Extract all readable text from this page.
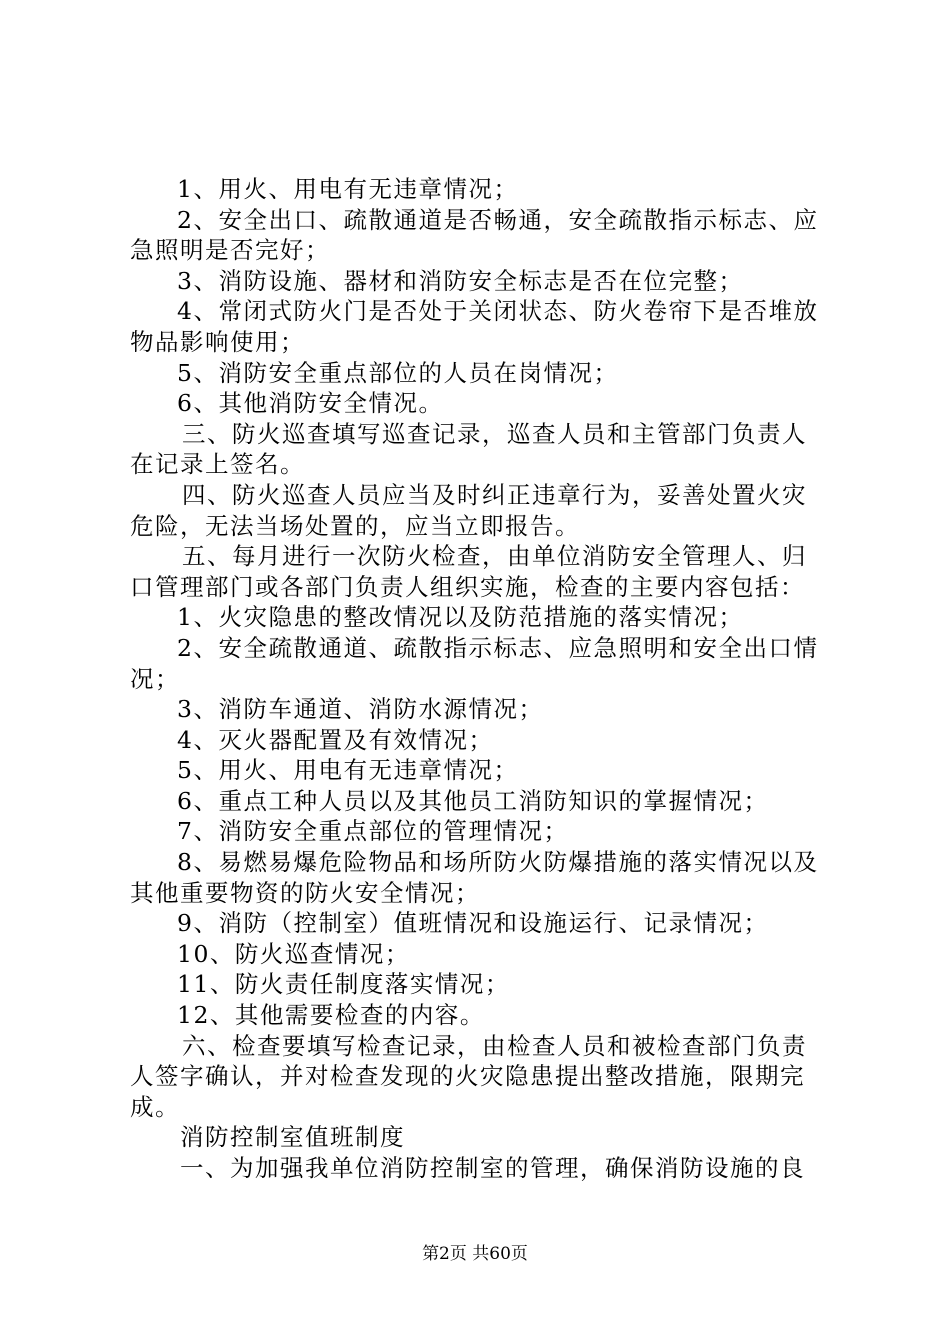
1、用火、用电有无违章情况；
2、安全出口、疏散通道是否畅通，安全疏散指示标志、应
急照明是否完好；
3、消防设施、器材和消防安全标志是否在位完整；
4、常闭式防火门是否处于关闭状态、防火卷帘下是否堆放
物品影响使用；
5、消防安全重点部位的人员在岗情况；
6、其他消防安全情况。
三、防火巡查填写巡查记录，巡查人员和主管部门负责人
在记录上签名。
四、防火巡查人员应当及时纠正违章行为，妥善处置火灾
危险，无法当场处置的，应当立即报告。
五、每月进行一次防火检查，由单位消防安全管理人、归
口管理部门或各部门负责人组织实施，检查的主要内容包括：
1、火灾隐患的整改情况以及防范措施的落实情况；
2、安全疏散通道、疏散指示标志、应急照明和安全出口情
况；
3、消防车通道、消防水源情况；
4、灭火器配置及有效情况；
5、用火、用电有无违章情况；
6、重点工种人员以及其他员工消防知识的掌握情况；
7、消防安全重点部位的管理情况；
8、易燃易爆危险物品和场所防火防爆措施的落实情况以及
其他重要物资的防火安全情况；
9、消防（控制室）值班情况和设施运行、记录情况；
10、防火巡查情况；
11、防火责任制度落实情况；
12、其他需要检查的内容。
六、检查要填写检查记录，由检查人员和被检查部门负责
人签字确认，并对检查发现的火灾隐患提出整改措施，限期完
成。
消防控制室值班制度
一、为加强我单位消防控制室的管理，确保消防设施的良
第2页 共60页
